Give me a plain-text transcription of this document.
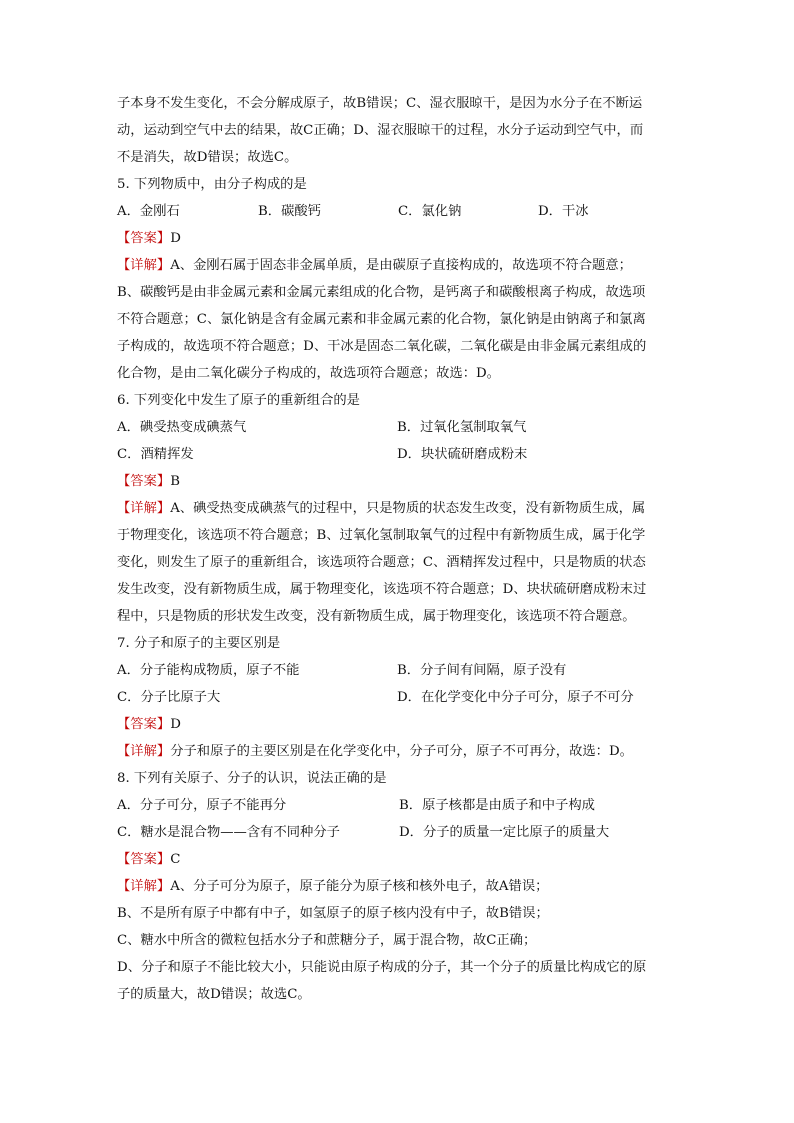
子本身不发生变化，不会分解成原子，故B错误；C、湿衣服晾干，是因为水分子在不断运
动，运动到空气中去的结果，故C正确；D、湿衣服晾干的过程，水分子运动到空气中，而
不是消失，故D错误；故选C。
5. 下列物质中，由分子构成的是
A．金刚石	B．碳酸钙	C．氯化钠	D．干冰
【答案】D
【详解】A、金刚石属于固态非金属单质，是由碳原子直接构成的，故选项不符合题意；
B、碳酸钙是由非金属元素和金属元素组成的化合物，是钙离子和碳酸根离子构成，故选项
不符合题意；C、氯化钠是含有金属元素和非金属元素的化合物，氯化钠是由钠离子和氯离
子构成的，故选项不符合题意；D、干冰是固态二氧化碳，二氧化碳是由非金属元素组成的
化合物，是由二氧化碳分子构成的，故选项符合题意；故选：D。
6. 下列变化中发生了原子的重新组合的是
A．碘受热变成碘蒸气	B．过氧化氢制取氧气
C．酒精挥发	D．块状硫研磨成粉末
【答案】B
【详解】A、碘受热变成碘蒸气的过程中，只是物质的状态发生改变，没有新物质生成，属
于物理变化，该选项不符合题意；B、过氧化氢制取氧气的过程中有新物质生成，属于化学
变化，则发生了原子的重新组合，该选项符合题意；C、酒精挥发过程中，只是物质的状态
发生改变，没有新物质生成，属于物理变化，该选项不符合题意；D、块状硫研磨成粉末过
程中，只是物质的形状发生改变，没有新物质生成，属于物理变化，该选项不符合题意。
7. 分子和原子的主要区别是
A．分子能构成物质，原子不能	B．分子间有间隔，原子没有
C．分子比原子大	D．在化学变化中分子可分，原子不可分
【答案】D
【详解】分子和原子的主要区别是在化学变化中，分子可分，原子不可再分，故选：D。
8. 下列有关原子、分子的认识，说法正确的是
A．分子可分，原子不能再分	B．原子核都是由质子和中子构成
C．糖水是混合物——含有不同种分子	D．分子的质量一定比原子的质量大
【答案】C
【详解】A、分子可分为原子，原子能分为原子核和核外电子，故A错误；
B、不是所有原子中都有中子，如氢原子的原子核内没有中子，故B错误；
C、糖水中所含的微粒包括水分子和蔗糖分子，属于混合物，故C正确；
D、分子和原子不能比较大小，只能说由原子构成的分子，其一个分子的质量比构成它的原
子的质量大，故D错误；故选C。
